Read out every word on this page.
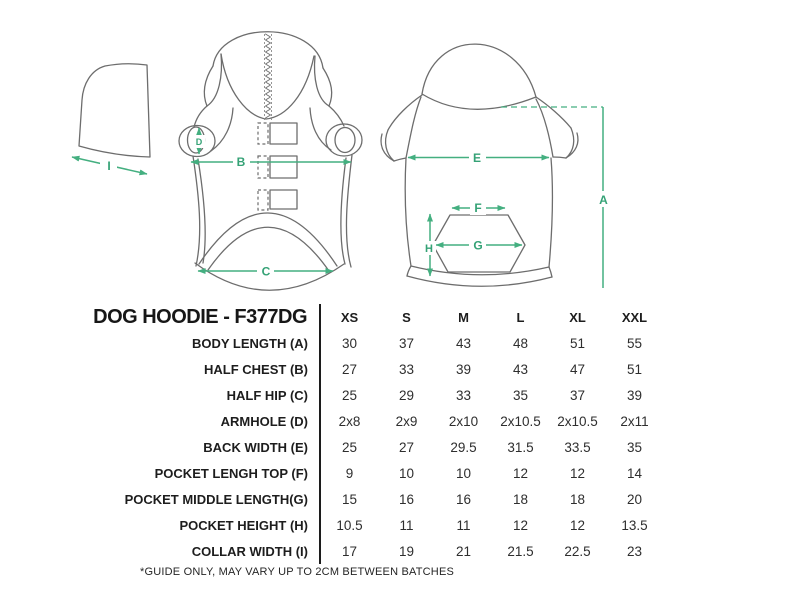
I
D
B
C
E
F
G
H
A
DOG HOODIE - F377DG	XS	S	M	L	XL	XXL
BODY LENGTH (A)	30	37	43	48	51	55
HALF CHEST (B)	27	33	39	43	47	51
HALF HIP (C)	25	29	33	35	37	39
ARMHOLE (D)	2x8	2x9	2x10	2x10.5	2x10.5	2x11
BACK WIDTH (E)	25	27	29.5	31.5	33.5	35
POCKET LENGH TOP (F)	9	10	10	12	12	14
POCKET MIDDLE LENGTH(G)	15	16	16	18	18	20
POCKET HEIGHT (H)	10.5	11	11	12	12	13.5
COLLAR WIDTH (I)	17	19	21	21.5	22.5	23
*GUIDE ONLY, MAY VARY UP TO 2CM BETWEEN BATCHES
